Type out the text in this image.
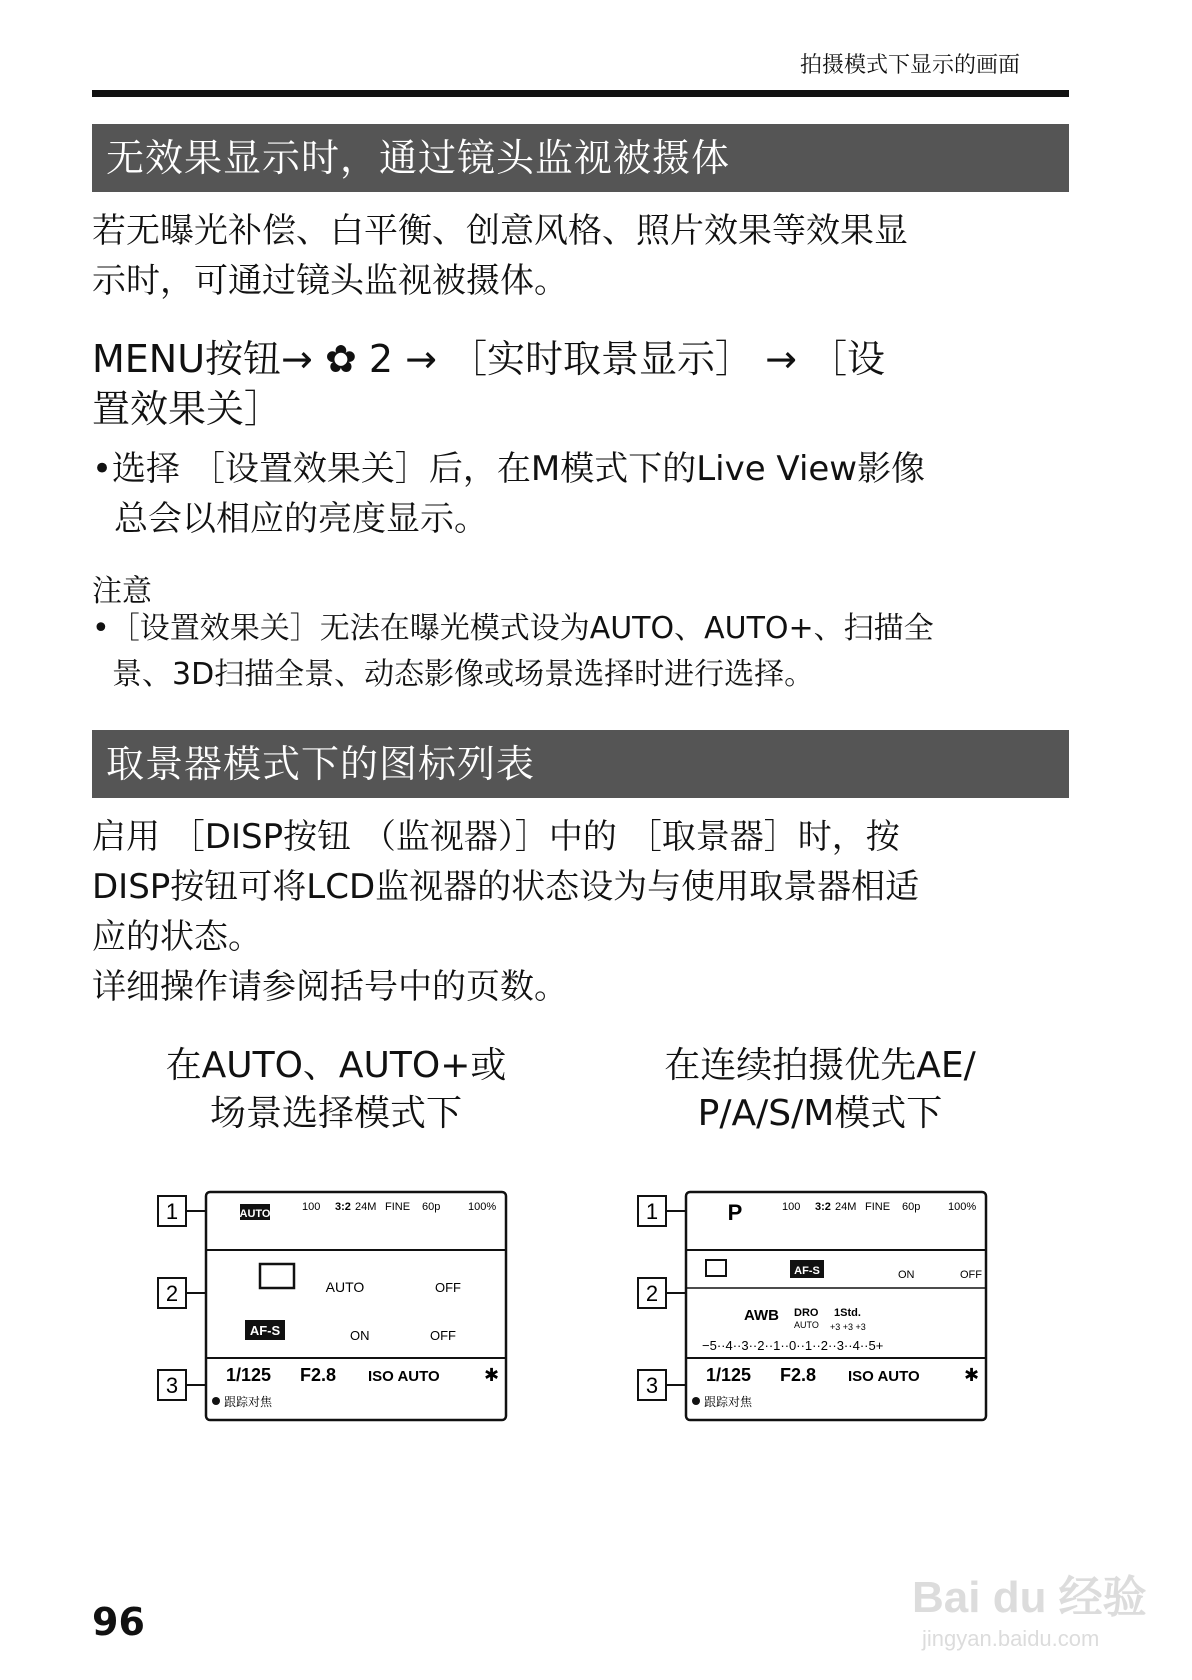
拍摄模式下显示的画面
无效果显示时，通过镜头监视被摄体
若无曝光补偿、白平衡、创意风格、照片效果等效果显
示时，可通过镜头监视被摄体。
MENU按钮→ ✿ 2 → ［实时取景显示］ → ［设
置效果关］
•选择 ［设置效果关］后，在M模式下的Live View影像
总会以相应的亮度显示。
注意
•［设置效果关］无法在曝光模式设为AUTO、AUTO+、扫描全
景、3D扫描全景、动态影像或场景选择时进行选择。
取景器模式下的图标列表
启用 ［DISP按钮 （监视器）］中的 ［取景器］时，按
DISP按钮可将LCD监视器的状态设为与使用取景器相适
应的状态。
详细操作请参阅括号中的页数。
在AUTO、AUTO+或
场景选择模式下
在连续拍摄优先AE/
P/A/S/M模式下
1
2
3
AUTO
100 3:2 24M FINE 60p	100%
AUTO	OFF
AF-S	ON	OFF
1/125 F2.8 ISO AUTO ✱
跟踪对焦
1
2
3
P	100 3:2 24M FINE 60p	100%
AF-S	ON	OFF
AWB DRO
AUTO
1Std.
+3 +3 +3
−5··4··3··2··1··0··1··2··3··4··5+
1/125 F2.8 ISO AUTO ✱
跟踪对焦
96	Bai du 经验
jingyan.baidu.com
